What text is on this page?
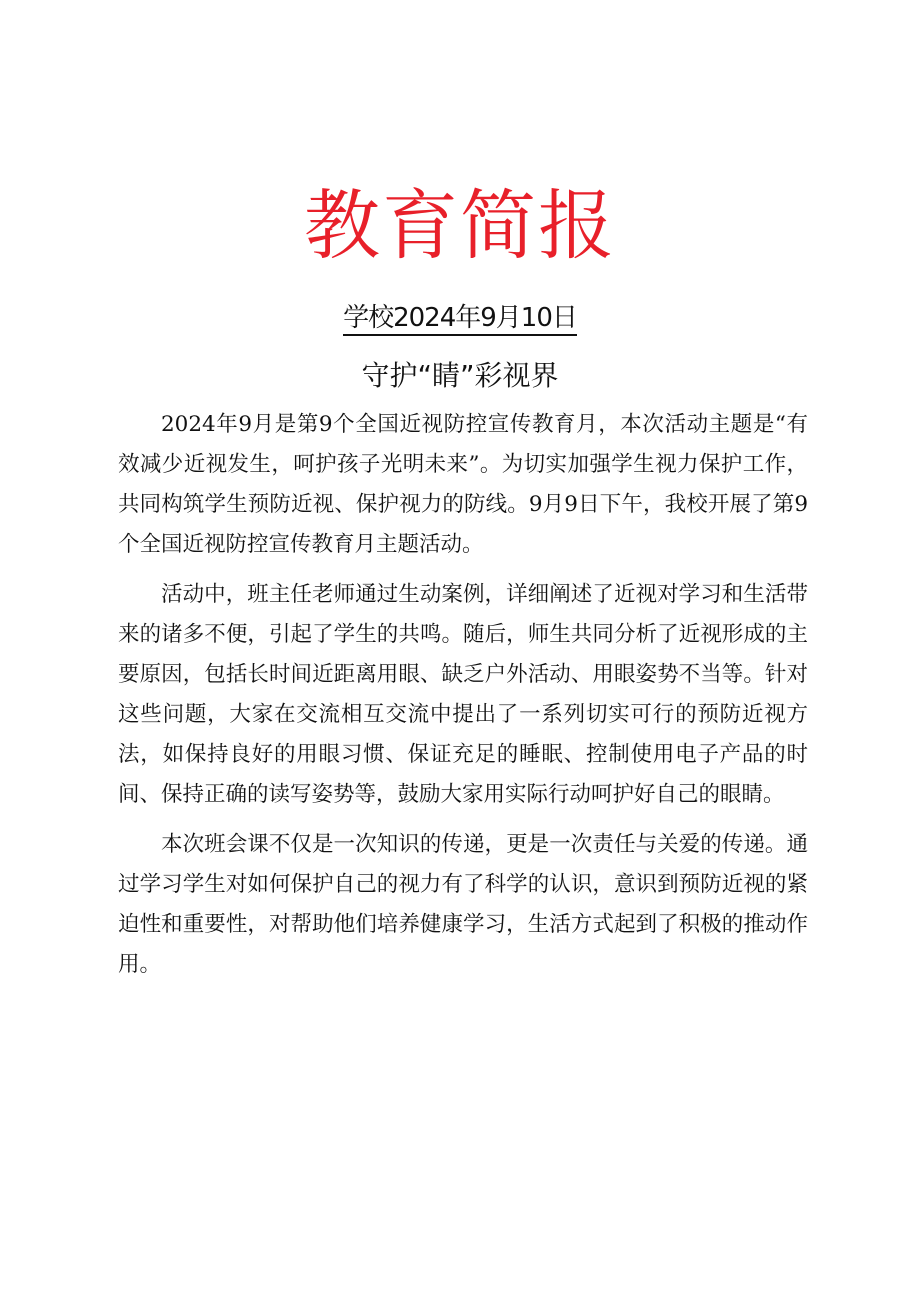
教育简报
学校2024年9月10日
守护“睛”彩视界

2024年9月是第9个全国近视防控宣传教育月，本次活动主题是“有效减少近视发生，呵护孩子光明未来”。为切实加强学生视力保护工作，共同构筑学生预防近视、保护视力的防线。9月9日下午，我校开展了第9个全国近视防控宣传教育月主题活动。

活动中，班主任老师通过生动案例，详细阐述了近视对学习和生活带来的诸多不便，引起了学生的共鸣。随后，师生共同分析了近视形成的主要原因，包括长时间近距离用眼、缺乏户外活动、用眼姿势不当等。针对这些问题，大家在交流相互交流中提出了一系列切实可行的预防近视方法，如保持良好的用眼习惯、保证充足的睡眠、控制使用电子产品的时间、保持正确的读写姿势等，鼓励大家用实际行动呵护好自己的眼睛。

本次班会课不仅是一次知识的传递，更是一次责任与关爱的传递。通过学习学生对如何保护自己的视力有了科学的认识，意识到预防近视的紧迫性和重要性，对帮助他们培养健康学习，生活方式起到了积极的推动作用。
